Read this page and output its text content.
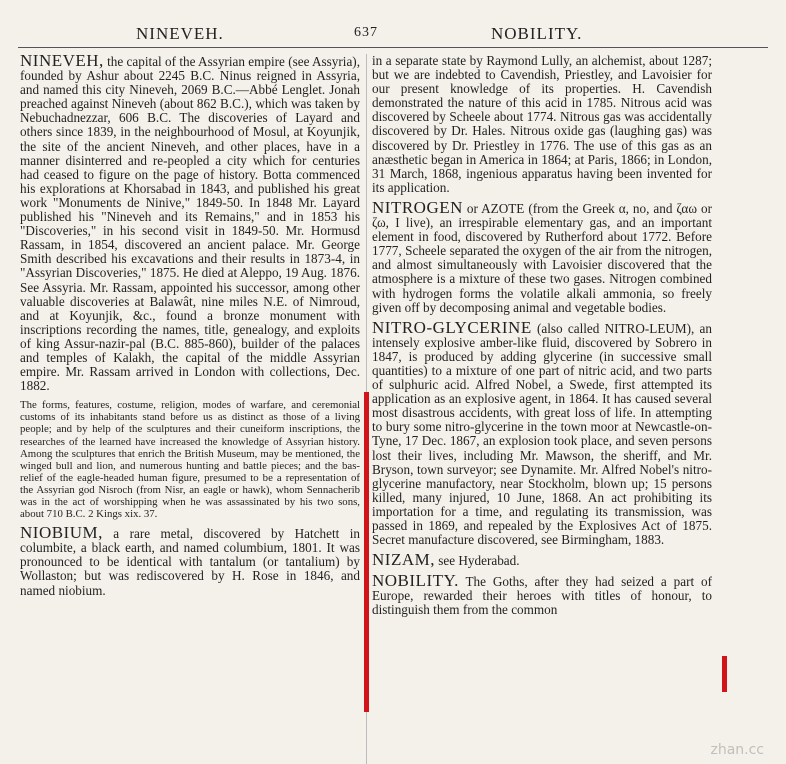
NINEVEH.	637	NOBILITY.
NINEVEH, the capital of the Assyrian empire (see Assyria), founded by Ashur about 2245 B.C. Ninus reigned in Assyria, and named this city Nineveh, 2069 B.C.—Abbé Lenglet. Jonah preached against Nineveh (about 862 B.C.), which was taken by Nebuchadnezzar, 606 B.C. The discoveries of Layard and others since 1839, in the neighbourhood of Mosul, at Koyunjik, the site of the ancient Nineveh, and other places, have in a manner disinterred and re-peopled a city which for centuries had ceased to figure on the page of history. Botta commenced his explorations at Khorsabad in 1843, and published his great work "Monuments de Ninive," 1849-50. In 1848 Mr. Layard published his "Nineveh and its Remains," and in 1853 his "Discoveries," in his second visit in 1849-50. Mr. Hormusd Rassam, in 1854, discovered an ancient palace. Mr. George Smith described his excavations and their results in 1873-4, in "Assyrian Discoveries," 1875. He died at Aleppo, 19 Aug. 1876. See Assyria. Mr. Rassam, appointed his successor, among other valuable discoveries at Balawât, nine miles N.E. of Nimroud, and at Koyunjik, &c., found a bronze monument with inscriptions recording the names, title, genealogy, and exploits of king Assur-nazir-pal (B.C. 885-860), builder of the palaces and temples of Kalakh, the capital of the middle Assyrian empire. Mr. Rassam arrived in London with collections, Dec. 1882.
The forms, features, costume, religion, modes of warfare, and ceremonial customs of its inhabitants stand before us as distinct as those of a living people; and by help of the sculptures and their cuneiform inscriptions, the researches of the learned have increased the knowledge of Assyrian history. Among the sculptures that enrich the British Museum, may be mentioned, the winged bull and lion, and numerous hunting and battle pieces; and the bas-relief of the eagle-headed human figure, presumed to be a representation of the Assyrian god Nisroch (from Nisr, an eagle or hawk), whom Sennacherib was in the act of worshipping when he was assassinated by his two sons, about 710 B.C. 2 Kings xix. 37.
NIOBIUM, a rare metal, discovered by Hatchett in columbite, a black earth, and named columbium, 1801. It was pronounced to be identical with tantalum (or tantalium) by Wollaston; but was rediscovered by H. Rose in 1846, and named niobium.
in a separate state by Raymond Lully, an alchemist, about 1287; but we are indebted to Cavendish, Priestley, and Lavoisier for our present knowledge of its properties. H. Cavendish demonstrated the nature of this acid in 1785. Nitrous acid was discovered by Scheele about 1774. Nitrous gas was accidentally discovered by Dr. Hales. Nitrous oxide gas (laughing gas) was discovered by Dr. Priestley in 1776. The use of this gas as an anæsthetic began in America in 1864; at Paris, 1866; in London, 31 March, 1868, ingenious apparatus having been invented for its application.
NITROGEN or AZOTE (from the Greek α, no, and ζαω or ζω, I live), an irrespirable elementary gas, and an important element in food, discovered by Rutherford about 1772. Before 1777, Scheele separated the oxygen of the air from the nitrogen, and almost simultaneously with Lavoisier discovered that the atmosphere is a mixture of these two gases. Nitrogen combined with hydrogen forms the volatile alkali ammonia, so freely given off by decomposing animal and vegetable bodies.
NITRO-GLYCERINE (also called NITRO-LEUM), an intensely explosive amber-like fluid, discovered by Sobrero in 1847, is produced by adding glycerine (in successive small quantities) to a mixture of one part of nitric acid, and two parts of sulphuric acid. Alfred Nobel, a Swede, first attempted its application as an explosive agent, in 1864. It has caused several most disastrous accidents, with great loss of life. In attempting to bury some nitro-glycerine in the town moor at Newcastle-on-Tyne, 17 Dec. 1867, an explosion took place, and seven persons lost their lives, including Mr. Mawson, the sheriff, and Mr. Bryson, town surveyor; see Dynamite. Mr. Alfred Nobel's nitro-glycerine manufactory, near Stockholm, blown up; 15 persons killed, many injured, 10 June, 1868. An act prohibiting its importation for a time, and regulating its transmission, was passed in 1869, and repealed by the Explosives Act of 1875. Secret manufacture discovered, see Birmingham, 1883.
NIZAM, see Hyderabad.
NOBILITY. The Goths, after they had seized a part of Europe, rewarded their heroes with titles of honour, to distinguish them from the common
zhan.cc
